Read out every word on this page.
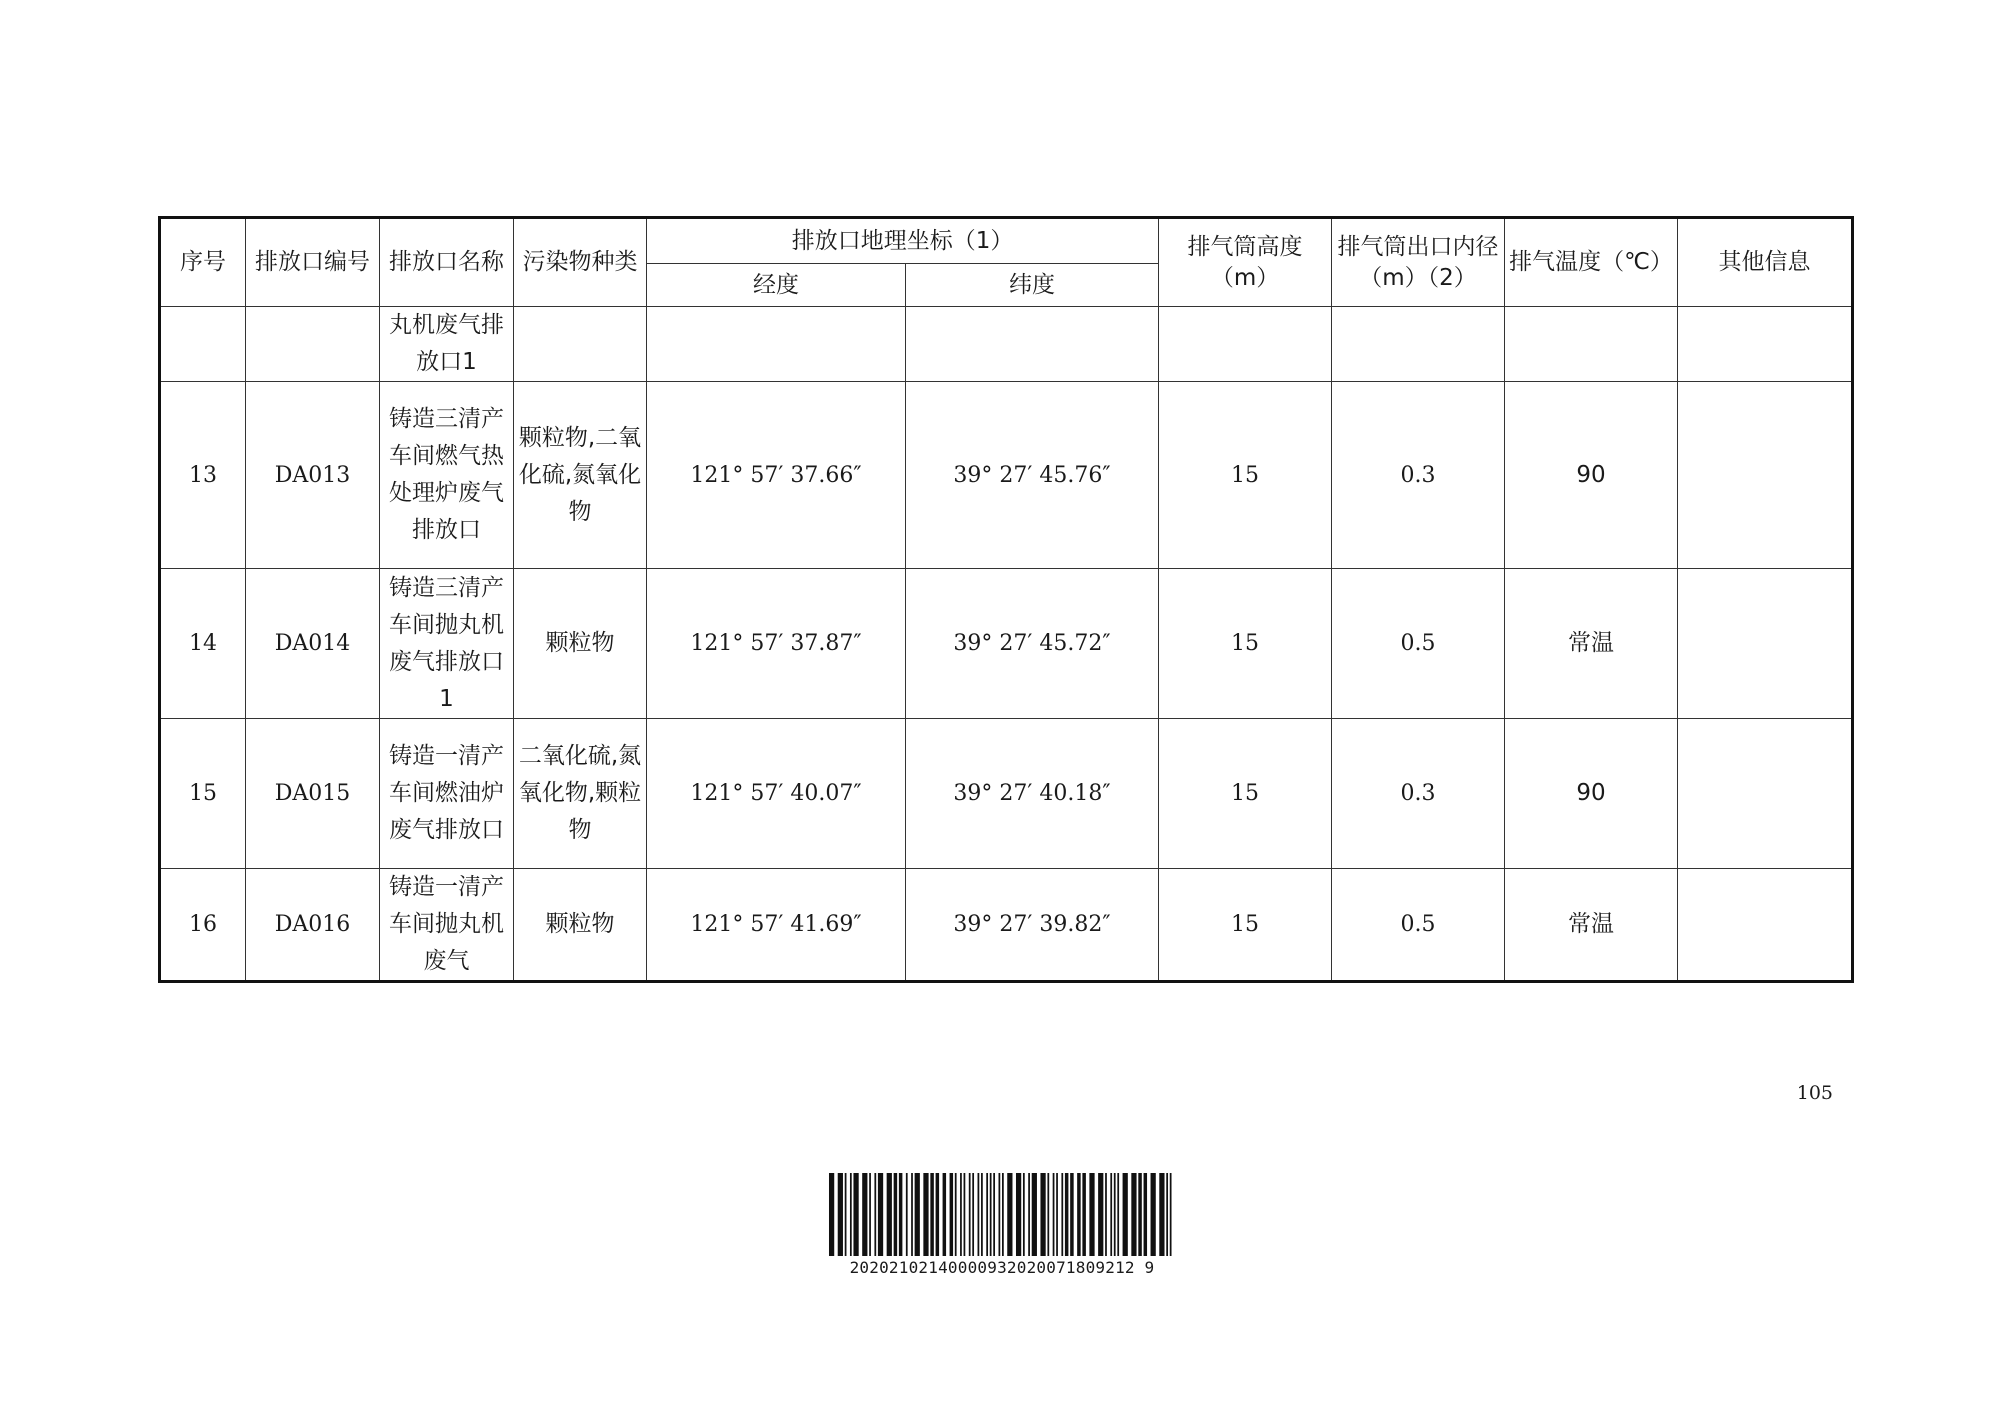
序号	排放口编号	排放口名称	污染物种类	排放口地理坐标（1）		排气筒高度（m）	排气筒出口内径（m）（2）	排气温度（℃）	其他信息
				经度	纬度				
		丸机废气排放口1							
13	DA013	铸造三清产车间燃气热处理炉废气排放口	颗粒物,二氧化硫,氮氧化物	121° 57′ 37.66″	39° 27′ 45.76″	15	0.3	90	
14	DA014	铸造三清产车间抛丸机废气排放口1	颗粒物	121° 57′ 37.87″	39° 27′ 45.72″	15	0.5	常温	
15	DA015	铸造一清产车间燃油炉废气排放口	二氧化硫,氮氧化物,颗粒物	121° 57′ 40.07″	39° 27′ 40.18″	15	0.3	90	
16	DA016	铸造一清产车间抛丸机废气	颗粒物	121° 57′ 41.69″	39° 27′ 39.82″	15	0.5	常温	
105
20202102140000932020071809212 9
